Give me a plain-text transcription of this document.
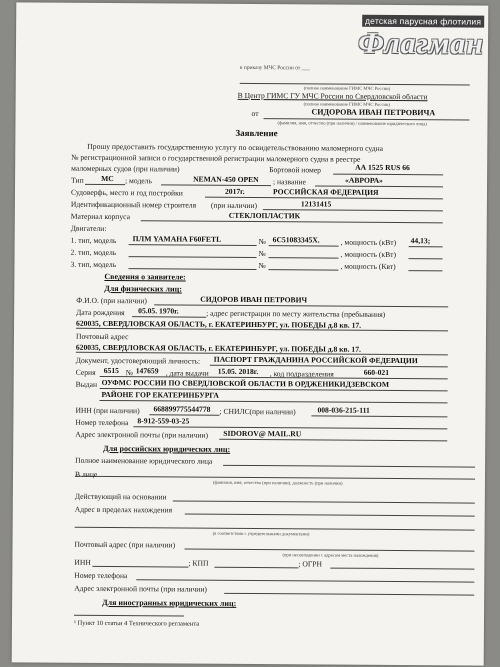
детская парусная флотилия
Флагман
к приказу МЧС России от ___
(полное наименование ГИМС МЧС России)
В Центр ГИМС ГУ МЧС России по Свердловской области
(полное наименование ГИМС МЧС России)
от	СИДОРОВА ИВАН ПЕТРОВИЧА
(фамилия, имя, отчество (при наличии) / наименование юридического лица)
Заявление
Прошу предоставить государственную услугу по освидетельствованию маломерного судна
№ регистрационной записи о государственной регистрации маломерного судна в реестре
маломерных судов (при наличии)	Бортовой номер	АА 1525 RUS 66
Тип МС ; модель	NEMAN-450 OPEN ; название	«АВРОРА»
Судоверфь, место и год постройки	2017г.	РОССИЙСКАЯ ФЕДЕРАЦИЯ
Идентификационный номер строителя (при наличии)	12131415
Материал корпуса	СТЕКЛОПЛАСТИК
Двигатели:
1. тип, модель ПЛМ YAMAHA F60FETL	№ 6C51083345X.	, мощность (кВт) 44,13;
2. тип, модель	№	, мощность (кВт)
3. тип, модель	№	, мощность (Квт)
Сведения о заявителе:
Для физических лиц:
Ф.И.О. (при наличии)	СИДОРОВ ИВАН ПЕТРОВИЧ
Дата рождения 05.05. 1970г.	; адрес регистрации по месту жительства (пребывания)
620035, СВЕРДЛОВСКАЯ ОБЛАСТЬ, г. ЕКАТЕРИНБУРГ, ул. ПОБЕДЫ д.8 кв. 17.
Почтовый адрес
620035, СВЕРДЛОВСКАЯ ОБЛАСТЬ, г. ЕКАТЕРИНБУРГ, ул. ПОБЕДЫ д.8 кв. 17.
Документ, удостоверяющий личность: ПАСПОРТ ГРАЖДАНИНА РОССИЙСКОЙ ФЕДЕРАЦИИ
Серия 6515 № 147659 , дата выдачи 15.05. 2018г. , код подразделения	660-021
Выдан ОУФМС РОССИИ ПО СВЕРДЛОВСКОЙ ОБЛАСТИ В ОРДЖЕНИКИДЗЕВСКОМ
РАЙОНЕ ГОР ЕКАТЕРИНБУРГА
ИНН (при наличии) 668899775544778 ; СНИЛС (при наличии)	008-036-215-111
Номер телефона 8-912-559-03-25
Адрес электронной почты (при наличии) SIDOROV@ MAIL.RU
Для российских юридических лиц:
Полное наименование юридического лица
В лице
(фамилия, имя, отчество (при наличии), должность (при наличии)
Действующий на основании
Адрес в пределах нахождения
(в соответствии с учредительными документами)
Почтовый адрес (при наличии)
(при несовпадении с адресом места нахождения)
ИНН	; КПП	; ОГРН
Номер телефона
Адрес электронной почты (при наличии)
Для иностранных юридических лиц:
¹ Пункт 10 статьи 4 Технического регламента
